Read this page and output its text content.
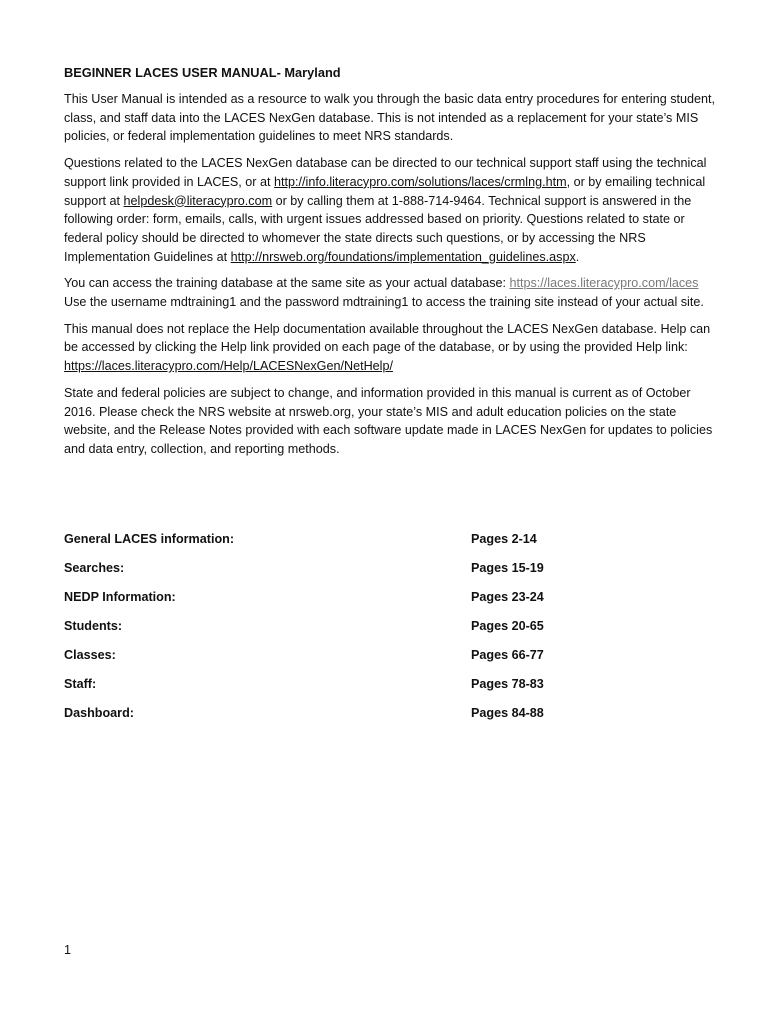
BEGINNER LACES USER MANUAL- Maryland

This User Manual is intended as a resource to walk you through the basic data entry procedures for entering student, class, and staff data into the LACES NexGen database. This is not intended as a replacement for your state’s MIS policies, or federal implementation guidelines to meet NRS standards.

Questions related to the LACES NexGen database can be directed to our technical support staff using the technical support link provided in LACES, or at http://info.literacypro.com/solutions/laces/crmlng.htm, or by emailing technical support at helpdesk@literacypro.com or by calling them at 1-888-714-9464. Technical support is answered in the following order: form, emails, calls, with urgent issues addressed based on priority. Questions related to state or federal policy should be directed to whomever the state directs such questions, or by accessing the NRS Implementation Guidelines at http://nrsweb.org/foundations/implementation_guidelines.aspx.

You can access the training database at the same site as your actual database: https://laces.literacypro.com/laces Use the username mdtraining1 and the password mdtraining1 to access the training site instead of your actual site.

This manual does not replace the Help documentation available throughout the LACES NexGen database. Help can be accessed by clicking the Help link provided on each page of the database, or by using the provided Help link: https://laces.literacypro.com/Help/LACESNexGen/NetHelp/

State and federal policies are subject to change, and information provided in this manual is current as of October 2016. Please check the NRS website at nrsweb.org, your state’s MIS and adult education policies on the state website, and the Release Notes provided with each software update made in LACES NexGen for updates to policies and data entry, collection, and reporting methods.

General LACES information:	Pages 2-14
Searches:	Pages 15-19
NEDP Information:	Pages 23-24
Students:	Pages 20-65
Classes:	Pages 66-77
Staff:	Pages 78-83
Dashboard:	Pages 84-88
1
